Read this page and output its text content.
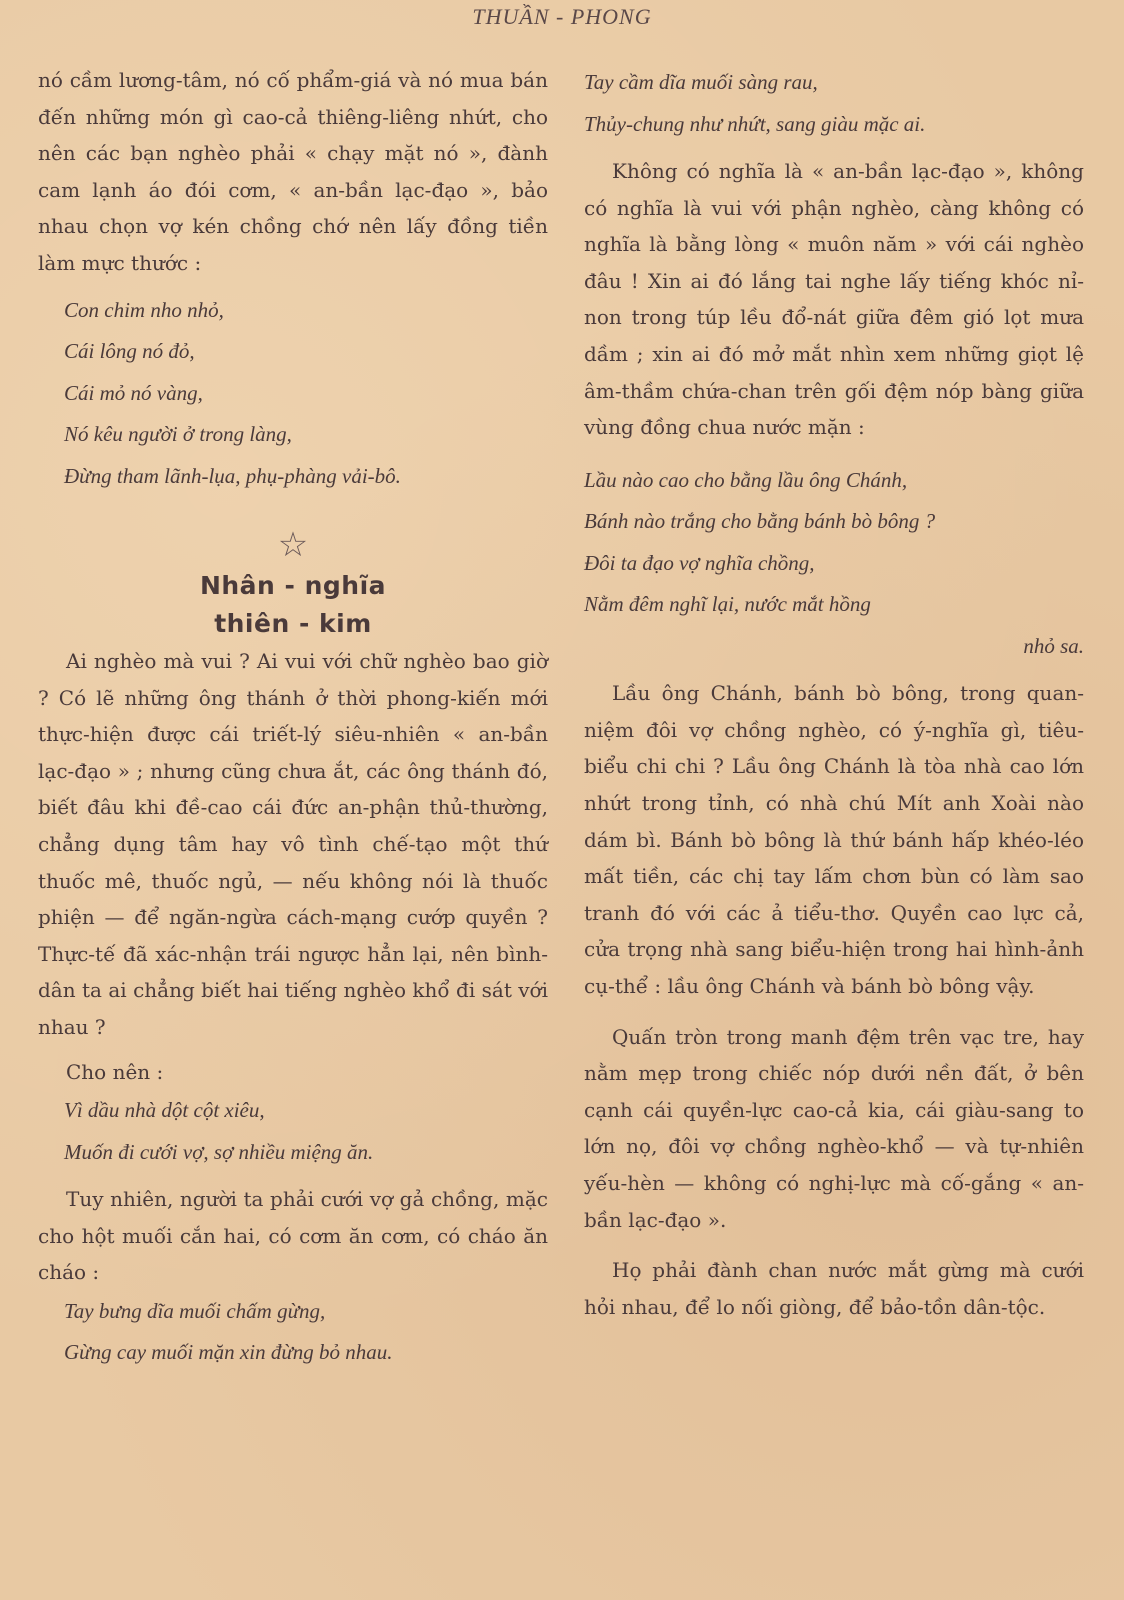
THUẦN - PHONG

nó cầm lương-tâm, nó cố phẩm-giá và nó mua bán đến những món gì cao-cả thiêng-liêng nhứt, cho nên các bạn nghèo phải « chạy mặt nó », đành cam lạnh áo đói cơm, « an-bần lạc-đạo », bảo nhau chọn vợ kén chồng chớ nên lấy đồng tiền làm mực thước :

Con chim nho nhỏ,
Cái lông nó đỏ,
Cái mỏ nó vàng,
Nó kêu người ở trong làng,
Đừng tham lãnh-lụa, phụ-phàng vải-bô.
☆
Nhân - nghĩa
thiên - kim

Ai nghèo mà vui ? Ai vui với chữ nghèo bao giờ ? Có lẽ những ông thánh ở thời phong-kiến mới thực-hiện được cái triết-lý siêu-nhiên « an-bần lạc-đạo » ; nhưng cũng chưa ắt, các ông thánh đó, biết đâu khi đề-cao cái đức an-phận thủ-thường, chẳng dụng tâm hay vô tình chế-tạo một thứ thuốc mê, thuốc ngủ, — nếu không nói là thuốc phiện — để ngăn-ngừa cách-mạng cướp quyền ? Thực-tế đã xác-nhận trái ngược hẳn lại, nên bình-dân ta ai chẳng biết hai tiếng nghèo khổ đi sát với nhau ?

Cho nên :

Vì dầu nhà dột cột xiêu,
Muốn đi cưới vợ, sợ nhiều miệng ăn.

Tuy nhiên, người ta phải cưới vợ gả chồng, mặc cho hột muối cắn hai, có cơm ăn cơm, có cháo ăn cháo :

Tay bưng dĩa muối chấm gừng,
Gừng cay muối mặn xin đừng bỏ nhau.
Tay cầm dĩa muối sàng rau,
Thủy-chung như nhứt, sang giàu mặc ai.

Không có nghĩa là « an-bần lạc-đạo », không có nghĩa là vui với phận nghèo, càng không có nghĩa là bằng lòng « muôn năm » với cái nghèo đâu ! Xin ai đó lắng tai nghe lấy tiếng khóc nỉ-non trong túp lều đổ-nát giữa đêm gió lọt mưa dầm ; xin ai đó mở mắt nhìn xem những giọt lệ âm-thầm chứa-chan trên gối đệm nóp bàng giữa vùng đồng chua nước mặn :

Lầu nào cao cho bằng lầu ông Chánh,
Bánh nào trắng cho bằng bánh bò bông ?
Đôi ta đạo vợ nghĩa chồng,
Nằm đêm nghĩ lại, nước mắt hồng
nhỏ sa.

Lầu ông Chánh, bánh bò bông, trong quan-niệm đôi vợ chồng nghèo, có ý-nghĩa gì, tiêu-biểu chi chi ? Lầu ông Chánh là tòa nhà cao lớn nhứt trong tỉnh, có nhà chú Mít anh Xoài nào dám bì. Bánh bò bông là thứ bánh hấp khéo-léo mất tiền, các chị tay lấm chơn bùn có làm sao tranh đó với các ả tiểu-thơ. Quyền cao lực cả, cửa trọng nhà sang biểu-hiện trong hai hình-ảnh cụ-thể : lầu ông Chánh và bánh bò bông vậy.

Quấn tròn trong manh đệm trên vạc tre, hay nằm mẹp trong chiếc nóp dưới nền đất, ở bên cạnh cái quyền-lực cao-cả kia, cái giàu-sang to lớn nọ, đôi vợ chồng nghèo-khổ — và tự-nhiên yếu-hèn — không có nghị-lực mà cố-gắng « an-bần lạc-đạo ».

Họ phải đành chan nước mắt gừng mà cưới hỏi nhau, để lo nối giòng, để bảo-tồn dân-tộc.
